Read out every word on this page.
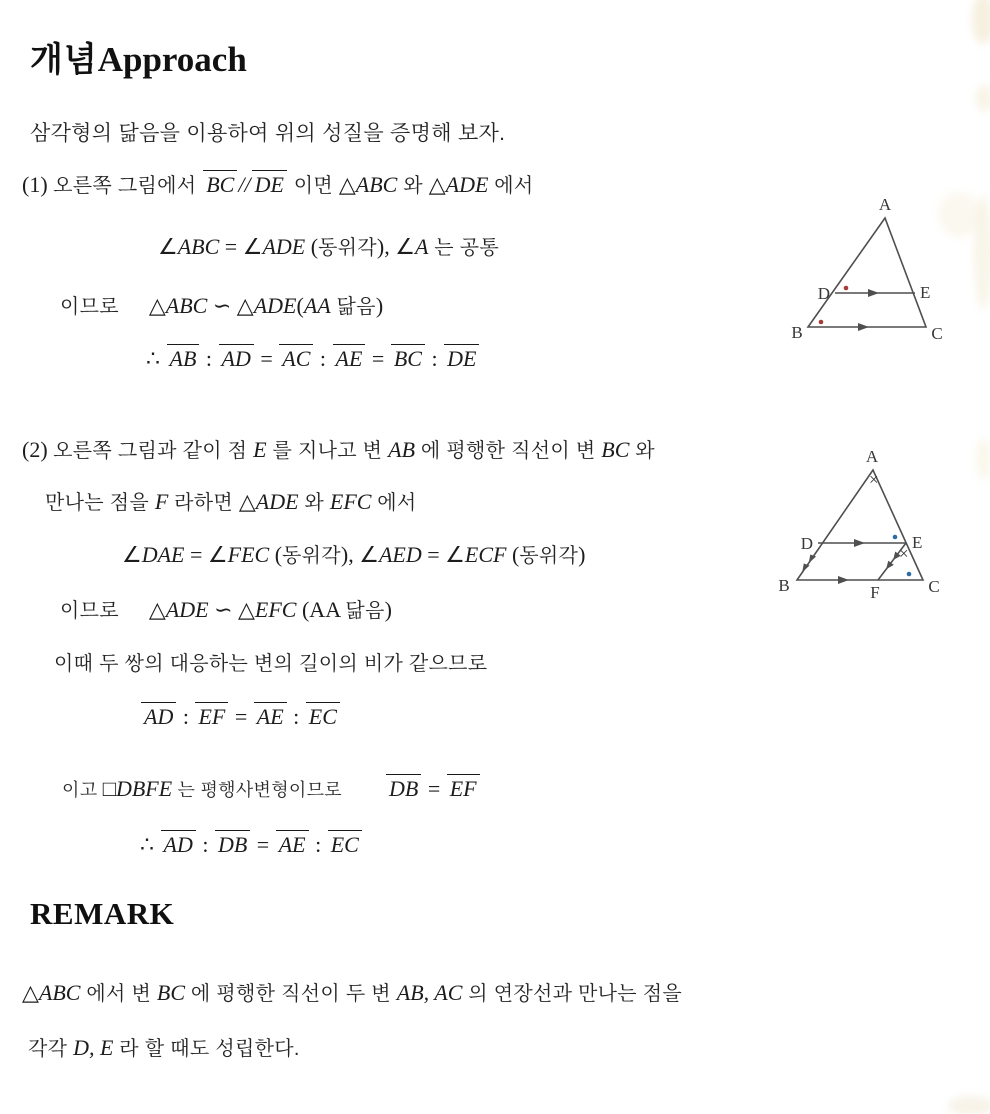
개념Approach

삼각형의 닮음을 이용하여 위의 성질을 증명해 보자.

(1) 오른쪽 그림에서 BC // DE 이면 △ABC 와 △ADE 에서

∠ABC = ∠ADE (동위각), ∠A 는 공통

이므로 △ABC ∽ △ADE(AA 닮음)

∴ AB : AD = AC : AE = BC : DE

(2) 오른쪽 그림과 같이 점 E 를 지나고 변 AB 에 평행한 직선이 변 BC 와

만나는 점을 F 라하면 △ADE 와 EFC 에서

∠DAE = ∠FEC (동위각), ∠AED = ∠ECF (동위각)

이므로 △ADE ∽ △EFC (AA 닮음)

이때 두 쌍의 대응하는 변의 길이의 비가 같으므로

AD : EF = AE : EC

이고 □DBFE 는 평행사변형이므로 DB = EF

∴ AD : DB = AE : EC

REMARK

△ABC 에서 변 BC 에 평행한 직선이 두 변 AB, AC 의 연장선과 만나는 점을

각각 D, E 라 할 때도 성립한다.

A
B	C
D	E
×
×
A
B	C
D	E
F
